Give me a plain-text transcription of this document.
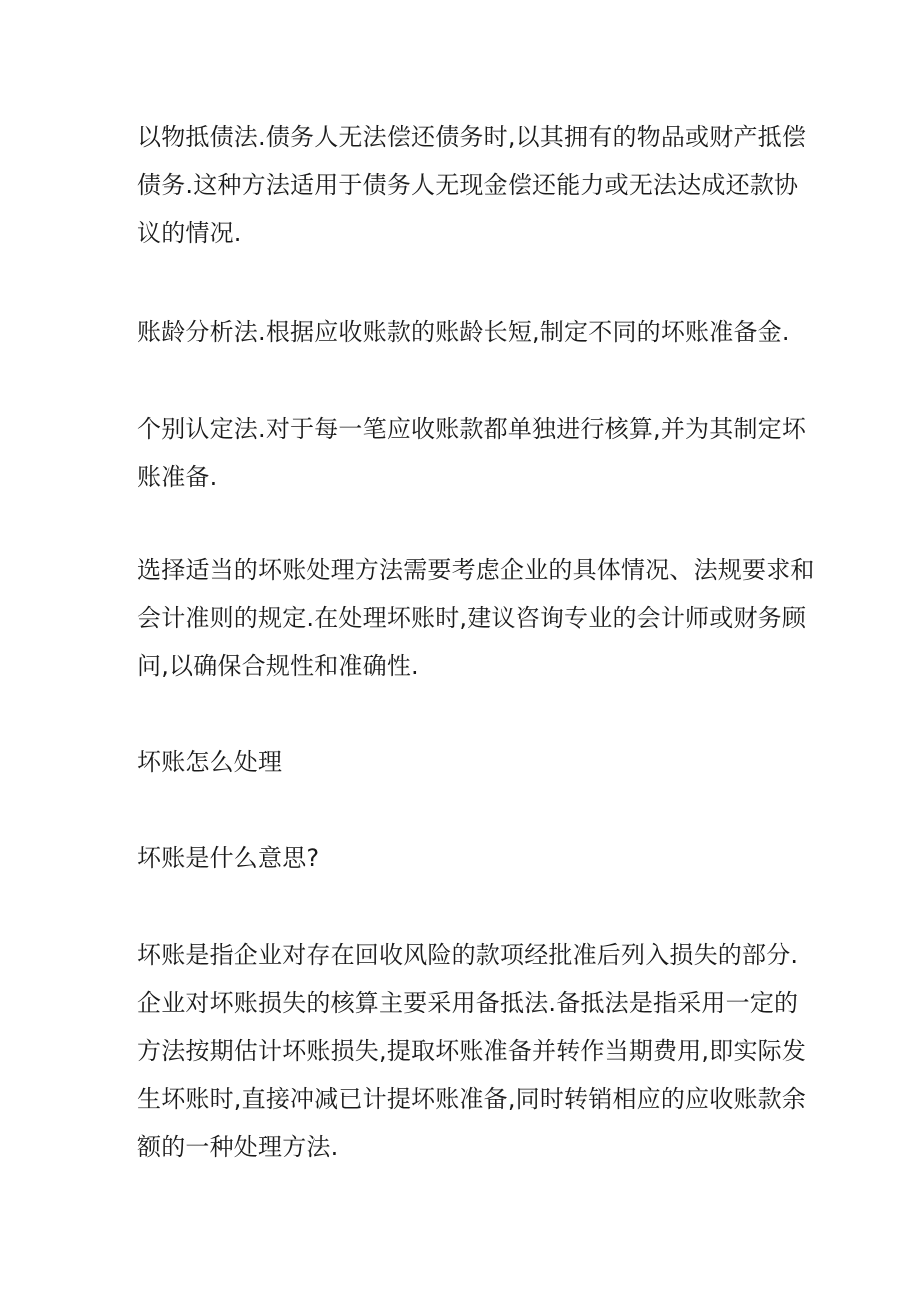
以物抵债法.债务人无法偿还债务时,以其拥有的物品或财产抵偿
债务.这种方法适用于债务人无现金偿还能力或无法达成还款协
议的情况.

账龄分析法.根据应收账款的账龄长短,制定不同的坏账准备金.

个别认定法.对于每一笔应收账款都单独进行核算,并为其制定坏
账准备.

选择适当的坏账处理方法需要考虑企业的具体情况、法规要求和
会计准则的规定.在处理坏账时,建议咨询专业的会计师或财务顾
问,以确保合规性和准确性.

坏账怎么处理

坏账是什么意思?

坏账是指企业对存在回收风险的款项经批准后列入损失的部分.
企业对坏账损失的核算主要采用备抵法.备抵法是指采用一定的
方法按期估计坏账损失,提取坏账准备并转作当期费用,即实际发
生坏账时,直接冲减已计提坏账准备,同时转销相应的应收账款余
额的一种处理方法.
